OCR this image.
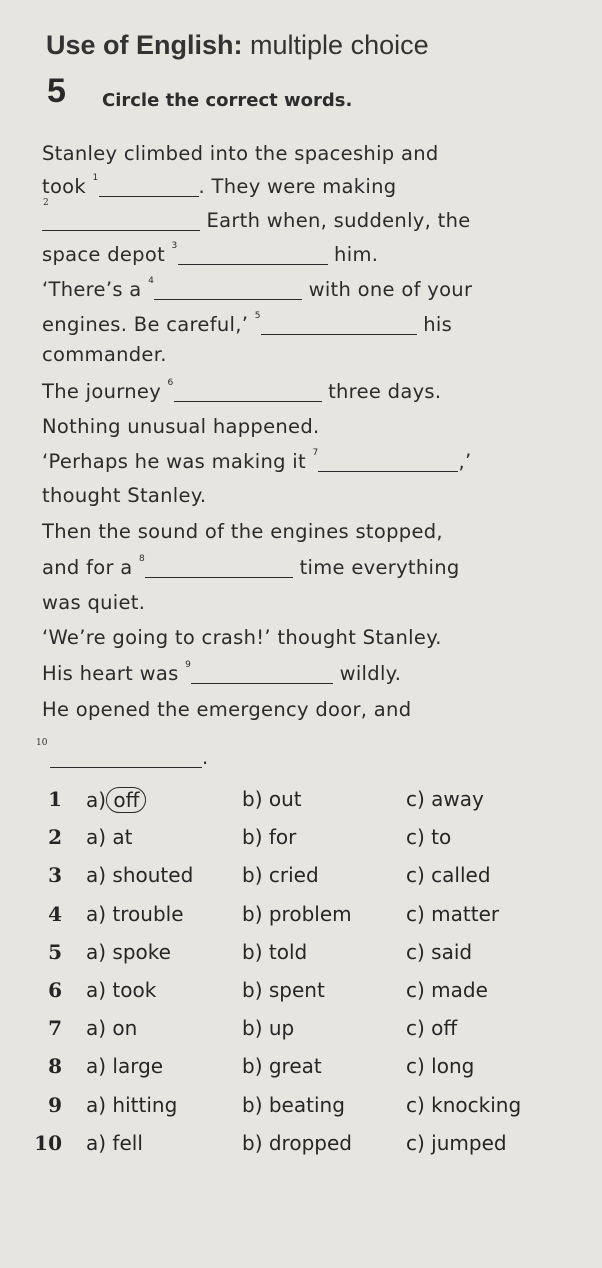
Use of English: multiple choice
5 Circle the correct words.
Stanley climbed into the spaceship and
took $^1$	. They were making
2
Earth when, suddenly, the
space depot $^3$	him.
‘There’s a $^4$	with one of your
engines. Be careful,’ $^5$	his
commander.
The journey $^6$	three days.
Nothing unusual happened.
‘Perhaps he was making it $^7$	,’
thought Stanley.
Then the sound of the engines stopped,
and for a $^8$	time everything
was quiet.
‘We’re going to crash!’ thought Stanley.
His heart was $^9$	wildly.
He opened the emergency door, and
10
.
1 a) off	b) out	c) away
2 a) at	b) for	c) to
3 a) shouted b) cried	c) called
4 a) trouble	b) problem	c) matter
5 a) spoke	b) told	c) said
6 a) took	b) spent	c) made
7 a) on	b) up	c) off
8 a) large	b) great	c) long
9 a) hitting	b) beating	c) knocking
10 a) fell	b) dropped	c) jumped
